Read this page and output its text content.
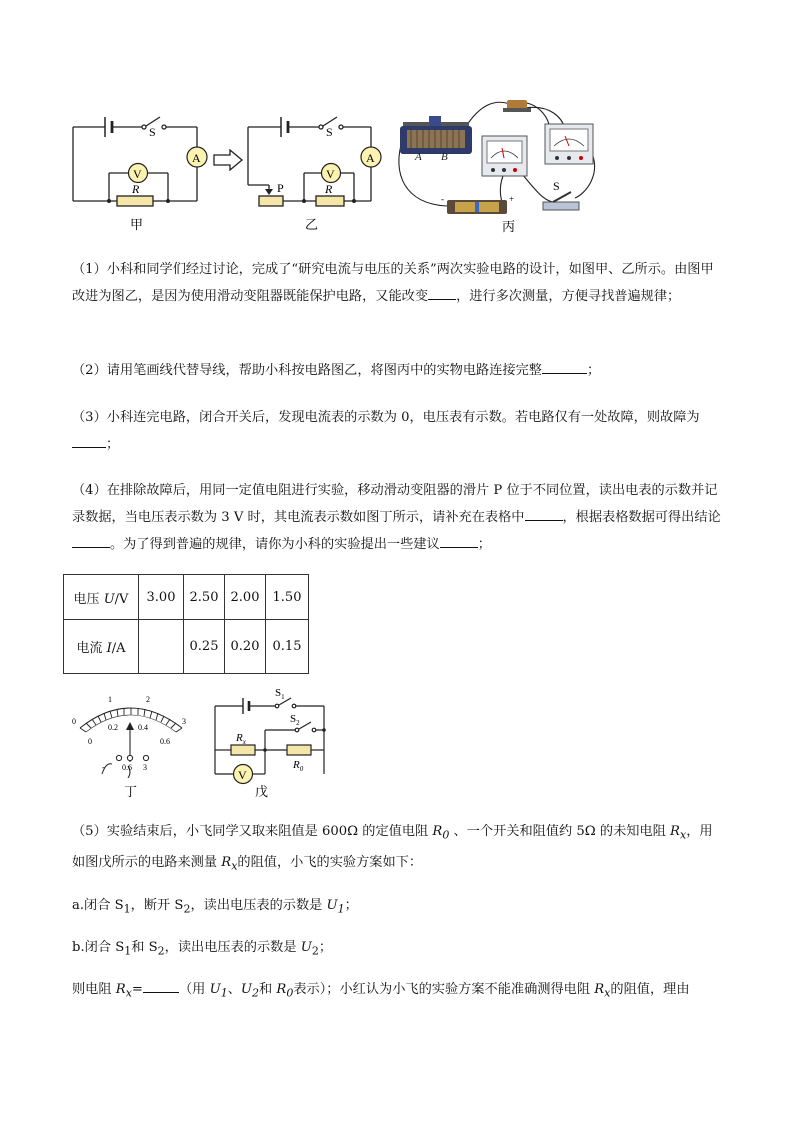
S
V
A
R
甲
S
P
V
A
R
乙
A B
-	+
S
丙
（1）小科和同学们经过讨论，完成了“研究电流与电压的关系”两次实验电路的设计，如图甲、乙所示。由图甲改进为图乙，是因为使用滑动变阻器既能保护电路，又能改变 ，进行多次测量，方便寻找普遍规律；
（2）请用笔画线代替导线，帮助小科按电路图乙，将图丙中的实物电路连接完整	；
（3）小科连完电路，闭合开关后，发现电流表的示数为 0，电压表有示数。若电路仅有一处故障，则故障为；
（4）在排除故障后，用同一定值电阻进行实验，移动滑动变阻器的滑片 P 位于不同位置，读出电表的示数并记录数据，当电压表示数为 3 V 时，其电流表示数如图丁所示，请补充在表格中	，根据表格数据可得出结论。为了得到普遍的规律，请你为小科的实验提出一些建议	；
电压 U/V	3.00	2.50	2.00	1.50
电流 I/A		0.25	0.20	0.15
0
1	2
3
0
0.2	0.4
0.6
- 0.6 3
丁
V
$S_1$
$S_2$
$R_x$
$R_0$
戊
（5）实验结束后，小飞同学又取来阻值是 600Ω 的定值电阻 $R_0$ 、一个开关和阻值约 5Ω 的未知电阻 $R_x$，用如图戊所示的电路来测量 $R_x$的阻值，小飞的实验方案如下：
a.闭合 $S_1$，断开 $S_2$，读出电压表的示数是 $U_1$；
b.闭合 $S_1$和 $S_2$，读出电压表的示数是 $U_2$；
则电阻 $R_x=$	（用 $U_1$、$U_2$和 $R_0$表示）；小红认为小飞的实验方案不能准确测得电阻 $R_x$的阻值，理由
